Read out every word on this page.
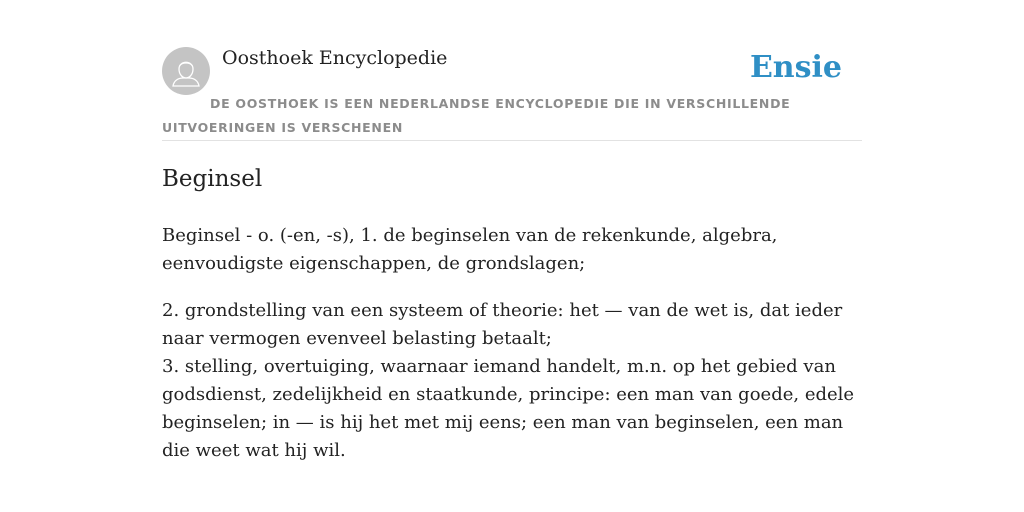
Oosthoek Encyclopedie	Ensie
DE OOSTHOEK IS EEN NEDERLANDSE ENCYCLOPEDIE DIE IN VERSCHILLENDE UITVOERINGEN IS VERSCHENEN
Beginsel

Beginsel - o. (-en, -s), 1. de beginselen van de rekenkunde, algebra, eenvoudigste eigenschappen, de grondslagen;

2. grondstelling van een systeem of theorie: het — van de wet is, dat ieder naar vermogen evenveel belasting betaalt;
3. stelling, overtuiging, waarnaar iemand handelt, m.n. op het gebied van godsdienst, zedelijkheid en staatkunde, principe: een man van goede, edele beginselen; in — is hij het met mij eens; een man van beginselen, een man die weet wat hij wil.
